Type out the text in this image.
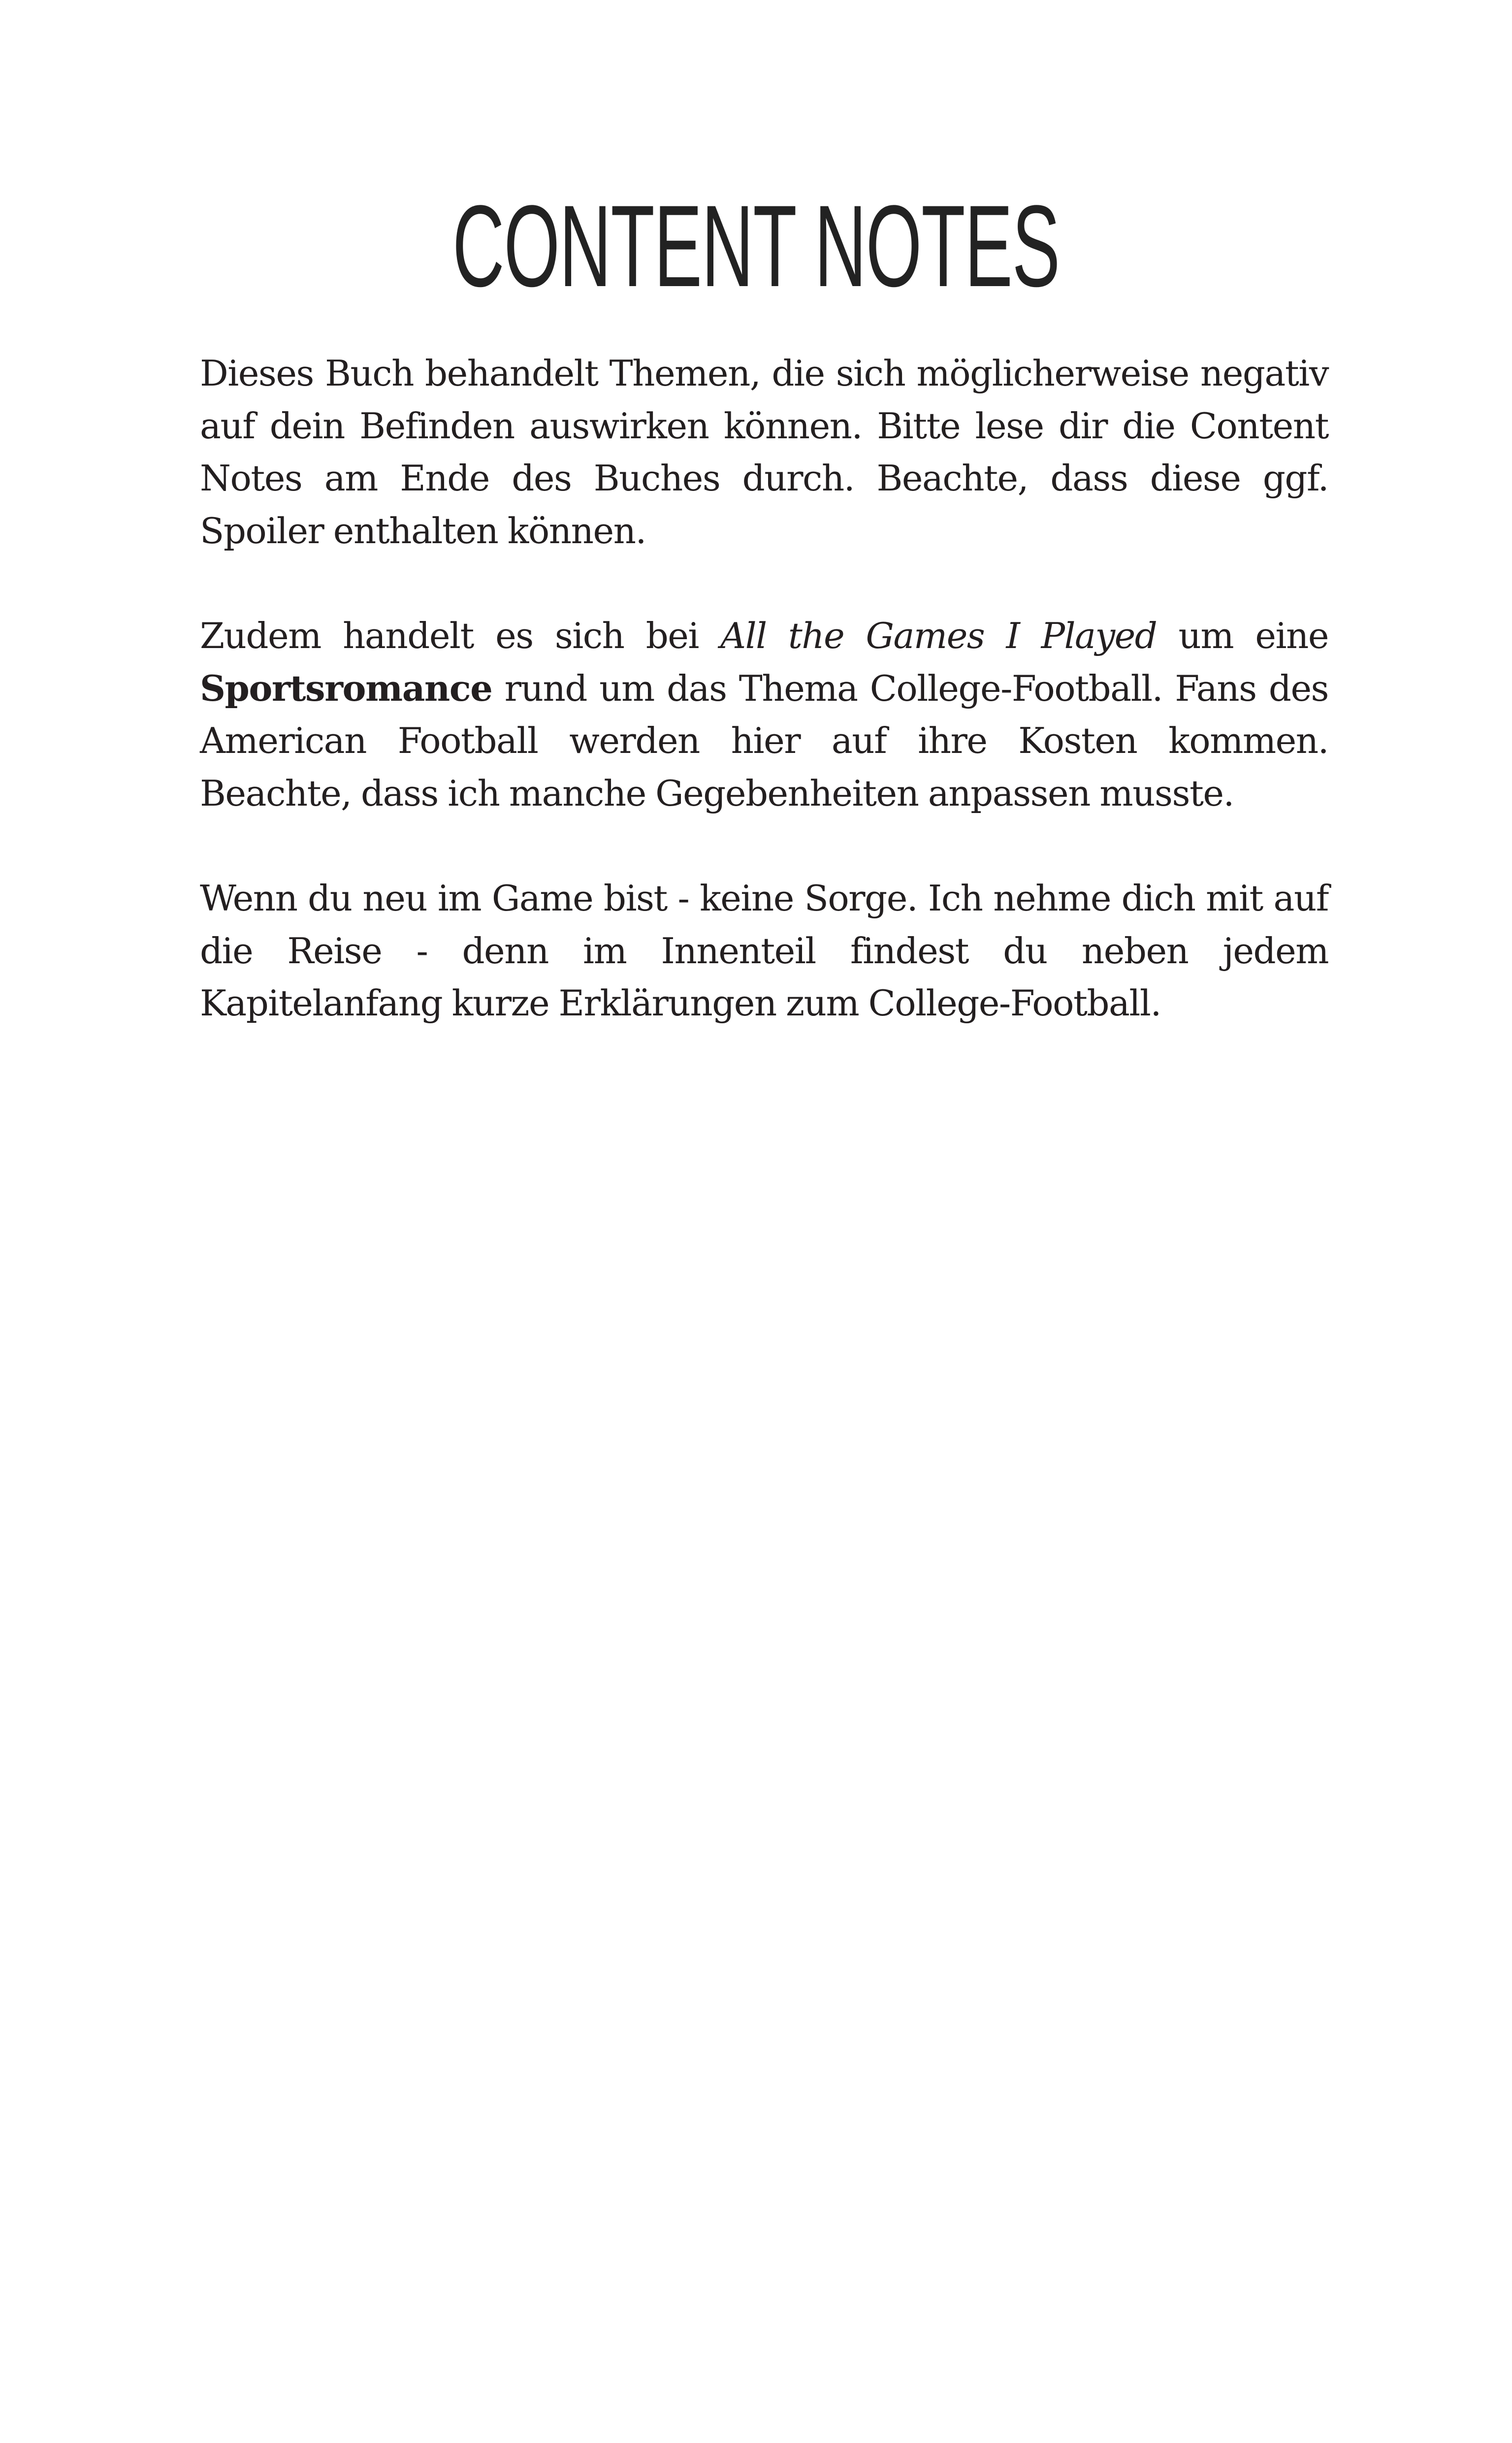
CONTENT NOTES

Dieses Buch behandelt Themen, die sich möglicherweise negativ auf dein Befinden auswirken können. Bitte lese dir die Content Notes am Ende des Buches durch. Beachte, dass diese ggf. Spoiler enthalten können.

Zudem handelt es sich bei All the Games I Played um eine Sportsromance rund um das Thema College-Football. Fans des American Football werden hier auf ihre Kosten kommen. Beachte, dass ich manche Gegebenheiten anpassen musste.

Wenn du neu im Game bist - keine Sorge. Ich nehme dich mit auf die Reise - denn im Innenteil findest du neben jedem Kapitelanfang kurze Erklärungen zum College-Football.
